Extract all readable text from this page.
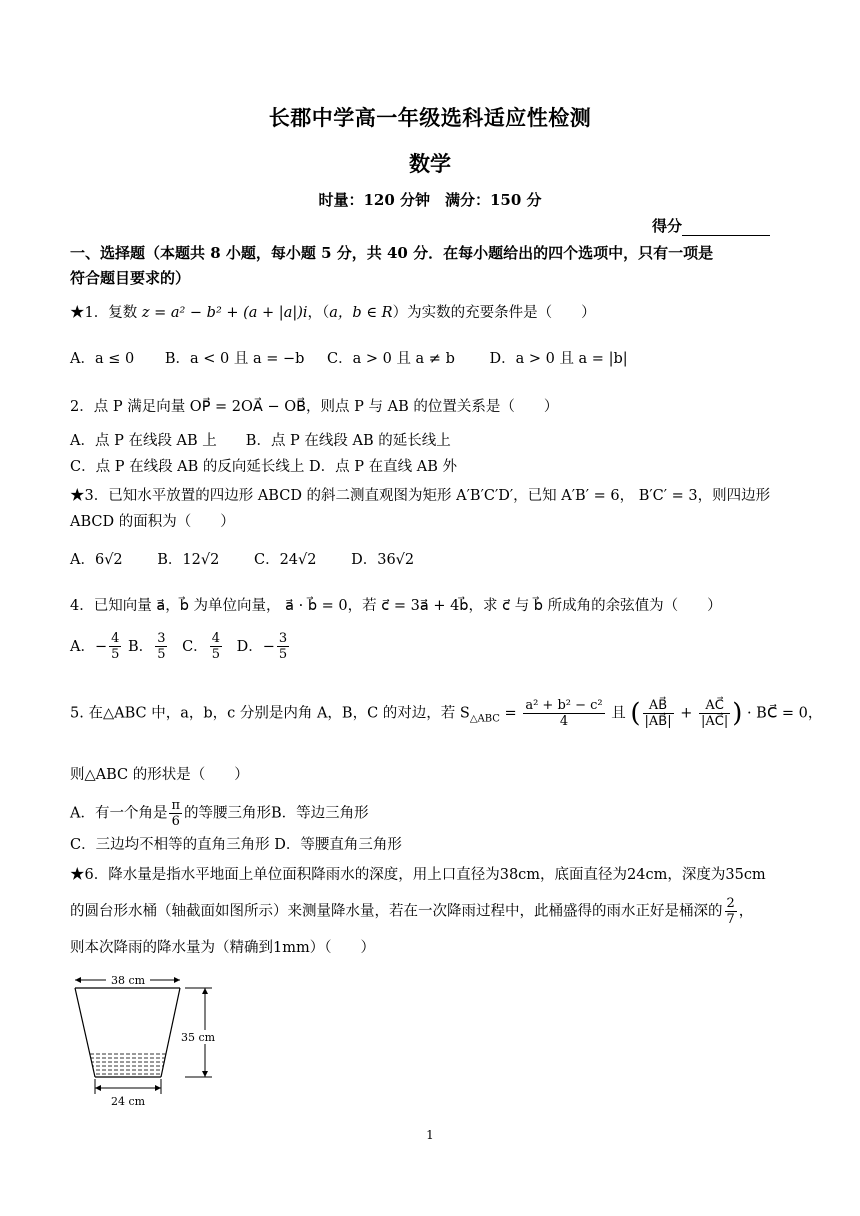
长郡中学高一年级选科适应性检测
数学
时量：120 分钟　满分：150 分
得分
一、选择题（本题共 8 小题，每小题 5 分，共 40 分．在每小题给出的四个选项中，只有一项是
符合题目要求的）
★1．复数 z = a² − b² + (a + |a|)i，（a，b ∈ R）为实数的充要条件是（　　）
A．a ≤ 0 B．a < 0 且 a = −b C．a > 0 且 a ≠ b D．a > 0 且 a = |b|
2．点 P 满足向量 OP⃗ = 2OA⃗ − OB⃗，则点 P 与 AB 的位置关系是（　　）
A．点 P 在线段 AB 上　　B．点 P 在线段 AB 的延长线上
C．点 P 在线段 AB 的反向延长线上 D．点 P 在直线 AB 外
★3．已知水平放置的四边形 ABCD 的斜二测直观图为矩形 A′B′C′D′，已知 A′B′ = 6， B′C′ = 3，则四边形
ABCD 的面积为（　　）
A．6√2 B．12√2 C．24√2 D．36√2
4．已知向量 a⃗，b⃗ 为单位向量， a⃗ · b⃗ = 0，若 c⃗ = 3a⃗ + 4b⃗，求 c⃗ 与 b⃗ 所成角的余弦值为（　　）
A．− $\frac{4}{5}$ B． $\frac{3}{5}$ C． $\frac{4}{5}$ D．− $\frac{3}{5}$
5. 在△ABC 中，a，b，c 分别是内角 A，B，C 的对边，若 $S_{\triangle ABC} = \frac{\text{a² + b² − c²}}{4}$ 且 ( $\frac{AB⃗}{|AB⃗|} + \frac{AC⃗}{|AC⃗|}$ ) · BC⃗ = 0，
则△ABC 的形状是（　　）
A．有一个角是 $\frac{\pi}{6}$ 的等腰三角形B．等边三角形
C．三边均不相等的直角三角形 D．等腰直角三角形
★6．降水量是指水平地面上单位面积降雨水的深度，用上口直径为38cm，底面直径为24cm，深度为35cm
的圆台形水桶（轴截面如图所示）来测量降水量，若在一次降雨过程中，此桶盛得的雨水正好是桶深的 $\frac{2}{7}$ ，
则本次降雨的降水量为（精确到1mm）（　　）
38 cm
35 cm
24 cm
1
